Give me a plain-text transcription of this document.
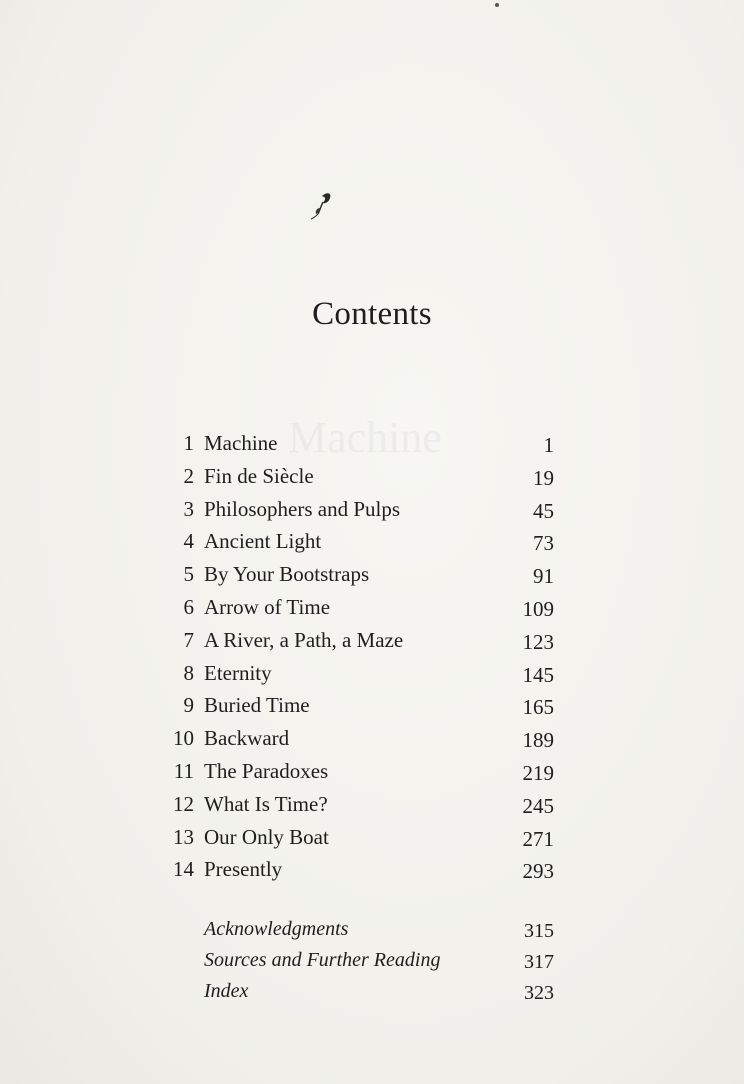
Machine
Contents
1 Machine	1
2 Fin de Siècle	19
3 Philosophers and Pulps	45
4 Ancient Light	73
5 By Your Bootstraps	91
6 Arrow of Time	109
7 A River, a Path, a Maze	123
8 Eternity	145
9 Buried Time	165
10 Backward	189
11 The Paradoxes	219
12 What Is Time?	245
13 Our Only Boat	271
14 Presently	293
Acknowledgments	315
Sources and Further Reading	317
Index	323
